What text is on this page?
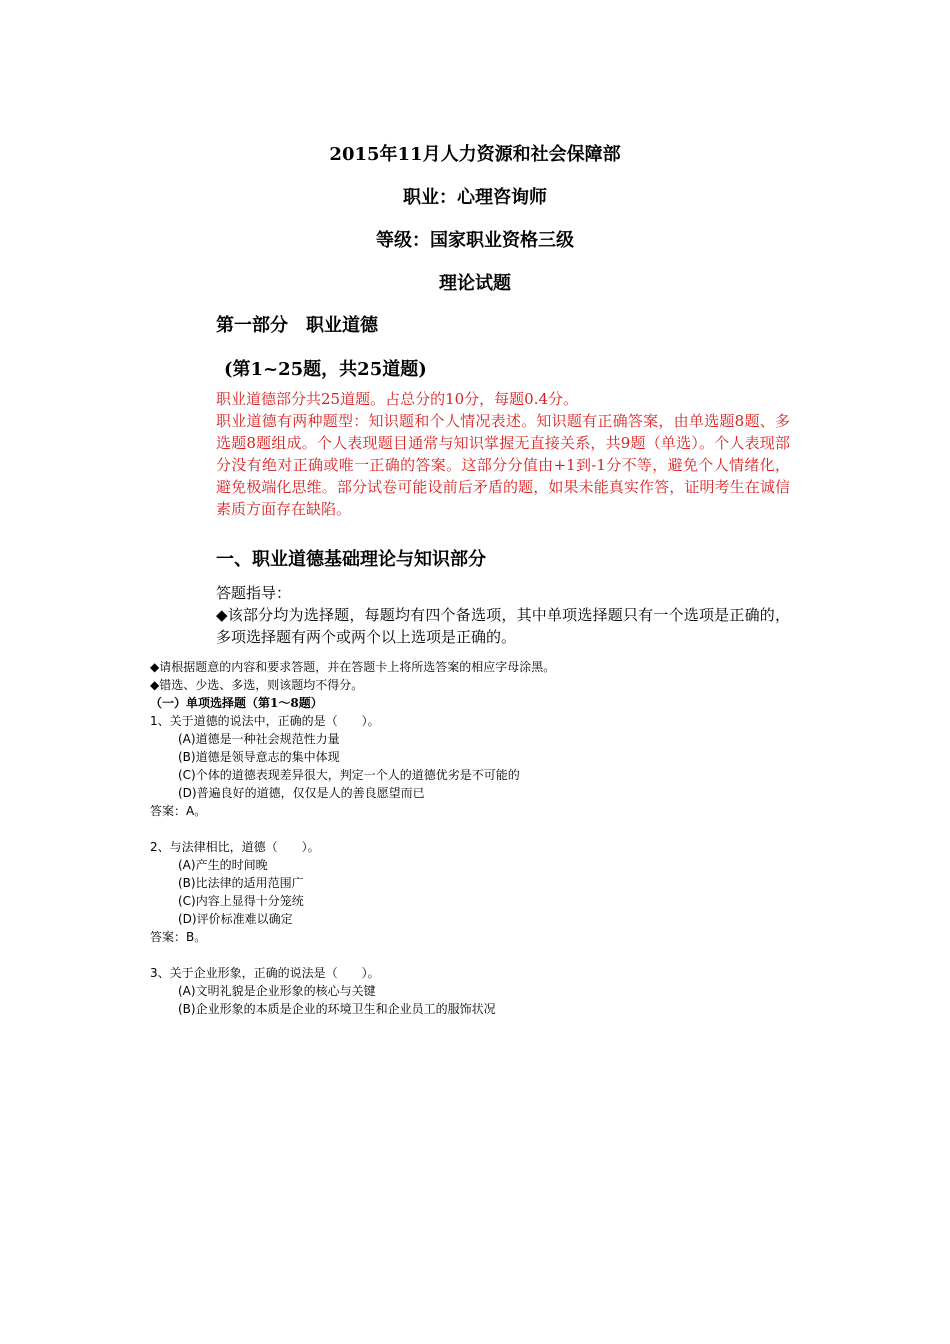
2015年11月人力资源和社会保障部
职业：心理咨询师
等级：国家职业资格三级
理论试题
第一部分　职业道德
(第1~25题，共25道题)

职业道德部分共25道题。占总分的10分，每题0.4分。

职业道德有两种题型：知识题和个人情况表述。知识题有正确答案，由单选题8题、多选题8题组成。个人表现题目通常与知识掌握无直接关系，共9题（单选）。个人表现部分没有绝对正确或唯一正确的答案。这部分分值由+1到-1分不等，避免个人情绪化，避免极端化思维。部分试卷可能设前后矛盾的题，如果未能真实作答，证明考生在诚信素质方面存在缺陷。

一、职业道德基础理论与知识部分

答题指导：

◆该部分均为选择题，每题均有四个备选项，其中单项选择题只有一个选项是正确的，多项选择题有两个或两个以上选项是正确的。

◆请根据题意的内容和要求答题，并在答题卡上将所选答案的相应字母涂黑。

◆错选、少选、多选，则该题均不得分。

（一）单项选择题（第1～8题）

1、关于道德的说法中，正确的是（　　）。

(A)道德是一种社会规范性力量

(B)道德是领导意志的集中体现

(C)个体的道德表现差异很大，判定一个人的道德优劣是不可能的

(D)普遍良好的道德，仅仅是人的善良愿望而已

答案：A。

2、与法律相比，道德（　　）。

(A)产生的时间晚

(B)比法律的适用范围广

(C)内容上显得十分笼统

(D)评价标准难以确定

答案：B。

3、关于企业形象，正确的说法是（　　）。

(A)文明礼貌是企业形象的核心与关键

(B)企业形象的本质是企业的环境卫生和企业员工的服饰状况
